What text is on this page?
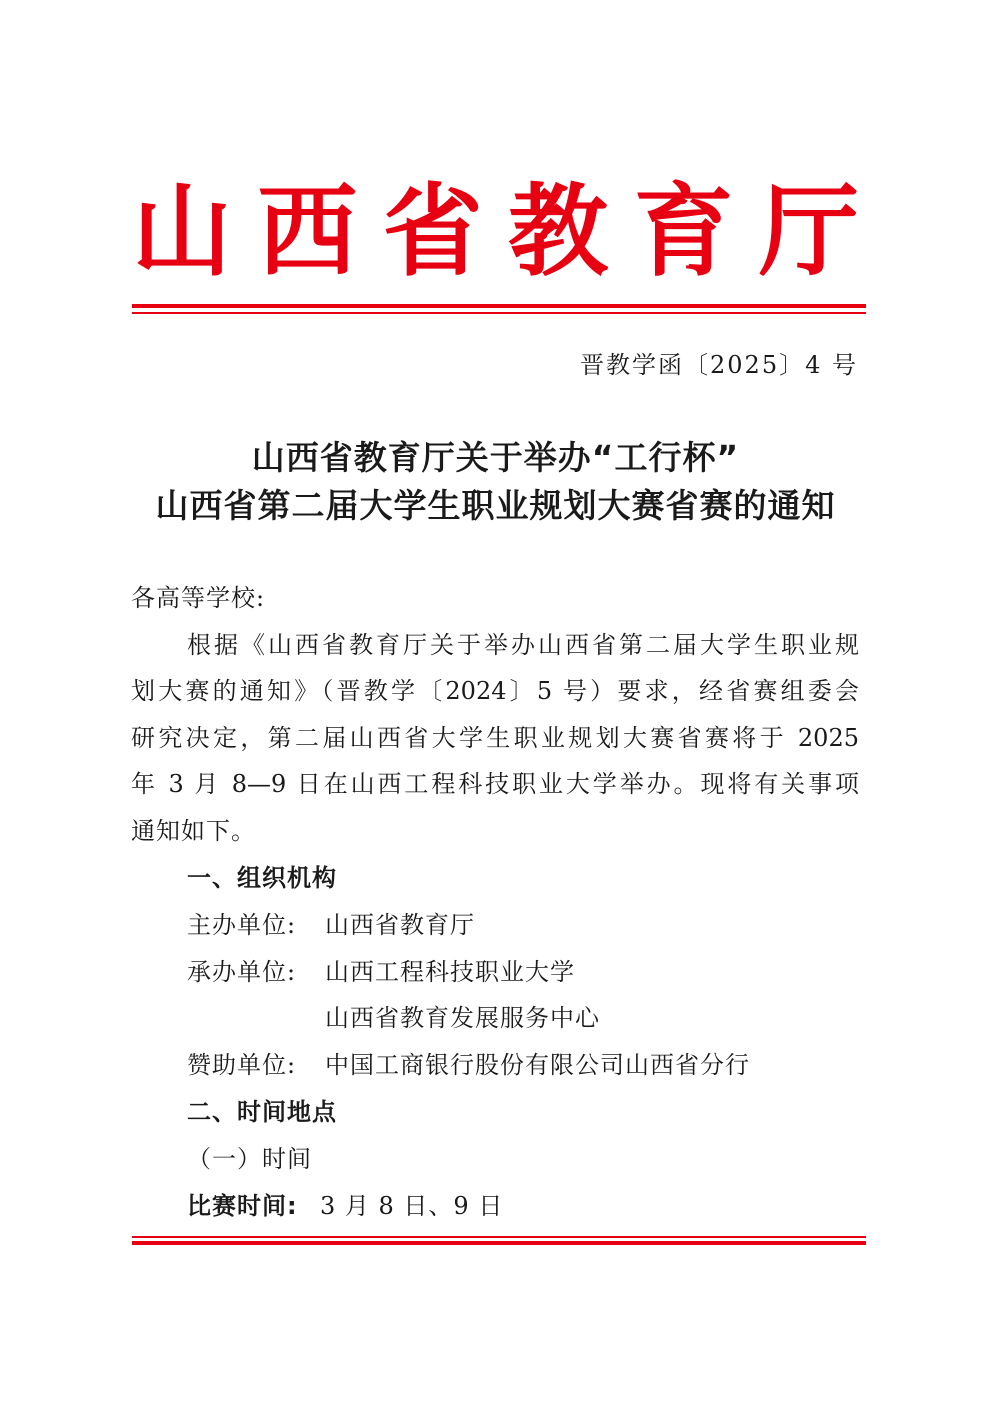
山 西 省 教 育 厅
晋教学函〔2025〕4 号
山西省教育厅关于举办“工行杯”
山西省第二届大学生职业规划大赛省赛的通知
各高等学校:
根据《山西省教育厅关于举办山西省第二届大学生职业规
划大赛的通知》（晋教学〔2024〕5 号）要求，经省赛组委会
研究决定，第二届山西省大学生职业规划大赛省赛将于 2025
年 3 月 8—9 日在山西工程科技职业大学举办。现将有关事项
通知如下。
一、组织机构
主办单位: 山西省教育厅
承办单位: 山西工程科技职业大学
山西省教育发展服务中心
赞助单位: 中国工商银行股份有限公司山西省分行
二、时间地点
（一）时间
比赛时间: 3 月 8 日、9 日
